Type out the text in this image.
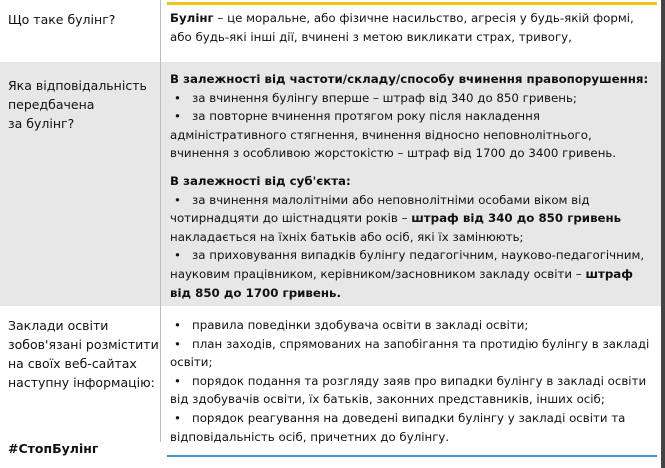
Що таке булінг?	Булінг – це моральне, або фізичне насильство, агресія у будь-якій формі, або будь-які інші дії, вчинені з метою викликати страх, тривогу,
Яка відповідальність
передбачена
за булінг?
В залежності від частоти/складу/способу вчинення правопорушення:
• за вчинення булінгу вперше – штраф від 340 до 850 гривень;
• за повторне вчинення протягом року після накладення адміністративного стягнення, вчинення відносно неповнолітнього, вчинення з особливою жорстокістю – штраф від 1700 до 3400 гривень.
В залежності від суб'єкта:
• за вчинення малолітніми або неповнолітніми особами віком від чотирнадцяти до шістнадцяти років – штраф від 340 до 850 гривень накладається на їхніх батьків або осіб, які їх замінюють;
• за приховування випадків булінгу педагогічним, науково-педагогічним, науковим працівником, керівником/засновником закладу освіти – штраф від 850 до 1700 гривень.
Заклади освіти
зобов'язані розмістити
на своїх веб-сайтах
наступну інформацію:
• правила поведінки здобувача освіти в закладі освіти;
• план заходів, спрямованих на запобігання та протидію булінгу в закладі освіти;
• порядок подання та розгляду заяв про випадки булінгу в закладі освіти від здобувачів освіти, їх батьків, законних представників, інших осіб;
• порядок реагування на доведені випадки булінгу у закладі освіти та відповідальність осіб, причетних до булінгу.
#СтопБулінг
